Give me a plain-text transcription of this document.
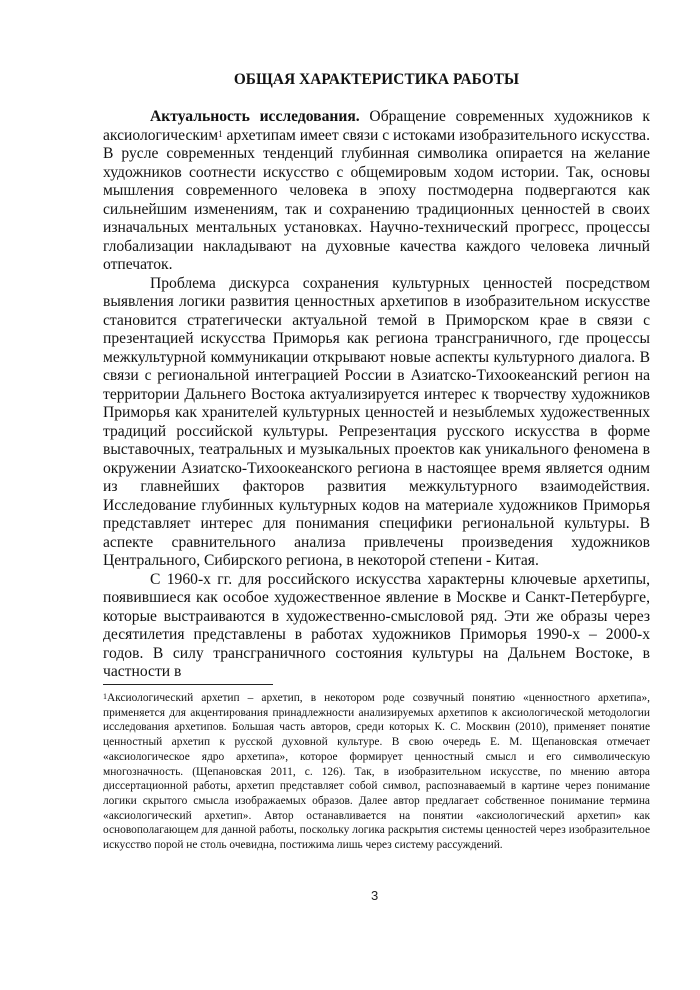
ОБЩАЯ ХАРАКТЕРИСТИКА РАБОТЫ

Актуальность исследования. Обращение современных художников к аксиологическим$^1$ архетипам имеет связи с истоками изобразительного искусства. В русле современных тенденций глубинная символика опирается на желание художников соотнести искусство с общемировым ходом истории. Так, основы мышления современного человека в эпоху постмодерна подвергаются как сильнейшим изменениям, так и сохранению традиционных ценностей в своих изначальных ментальных установках. Научно-технический прогресс, процессы глобализации накладывают на духовные качества каждого человека личный отпечаток.

Проблема дискурса сохранения культурных ценностей посредством выявления логики развития ценностных архетипов в изобразительном искусстве становится стратегически актуальной темой в Приморском крае в связи с презентацией искусства Приморья как региона трансграничного, где процессы межкультурной коммуникации открывают новые аспекты культурного диалога. В связи с региональной интеграцией России в Азиатско-Тихоокеанский регион на территории Дальнего Востока актуализируется интерес к творчеству художников Приморья как хранителей культурных ценностей и незыблемых художественных традиций российской культуры. Репрезентация русского искусства в форме выставочных, театральных и музыкальных проектов как уникального феномена в окружении Азиатско-Тихоокеанского региона в настоящее время является одним из главнейших факторов развития межкультурного взаимодействия. Исследование глубинных культурных кодов на материале художников Приморья представляет интерес для понимания специфики региональной культуры. В аспекте сравнительного анализа привлечены произведения художников Центрального, Сибирского региона, в некоторой степени - Китая.

С 1960-х гг. для российского искусства характерны ключевые архетипы, появившиеся как особое художественное явление в Москве и Санкт-Петербурге, которые выстраиваются в художественно-смысловой ряд. Эти же образы через десятилетия представлены в работах художников Приморья 1990-х – 2000-х годов. В силу трансграничного состояния культуры на Дальнем Востоке, в частности в

$^1$Аксиологический архетип – архетип, в некотором роде созвучный понятию «ценностного архетипа», применяется для акцентирования принадлежности анализируемых архетипов к аксиологической методологии исследования архетипов. Большая часть авторов, среди которых К. С. Москвин (2010), применяет понятие ценностный архетип к русской духовной культуре. В свою очередь Е. М. Щепановская отмечает «аксиологическое ядро архетипа», которое формирует ценностный смысл и его символическую многозначность. (Щепановская 2011, с. 126). Так, в изобразительном искусстве, по мнению автора диссертационной работы, архетип представляет собой символ, распознаваемый в картине через понимание логики скрытого смысла изображаемых образов. Далее автор предлагает собственное понимание термина «аксиологический архетип». Автор останавливается на понятии «аксиологический архетип» как основополагающем для данной работы, поскольку логика раскрытия системы ценностей через изобразительное искусство порой не столь очевидна, постижима лишь через систему рассуждений.

3
